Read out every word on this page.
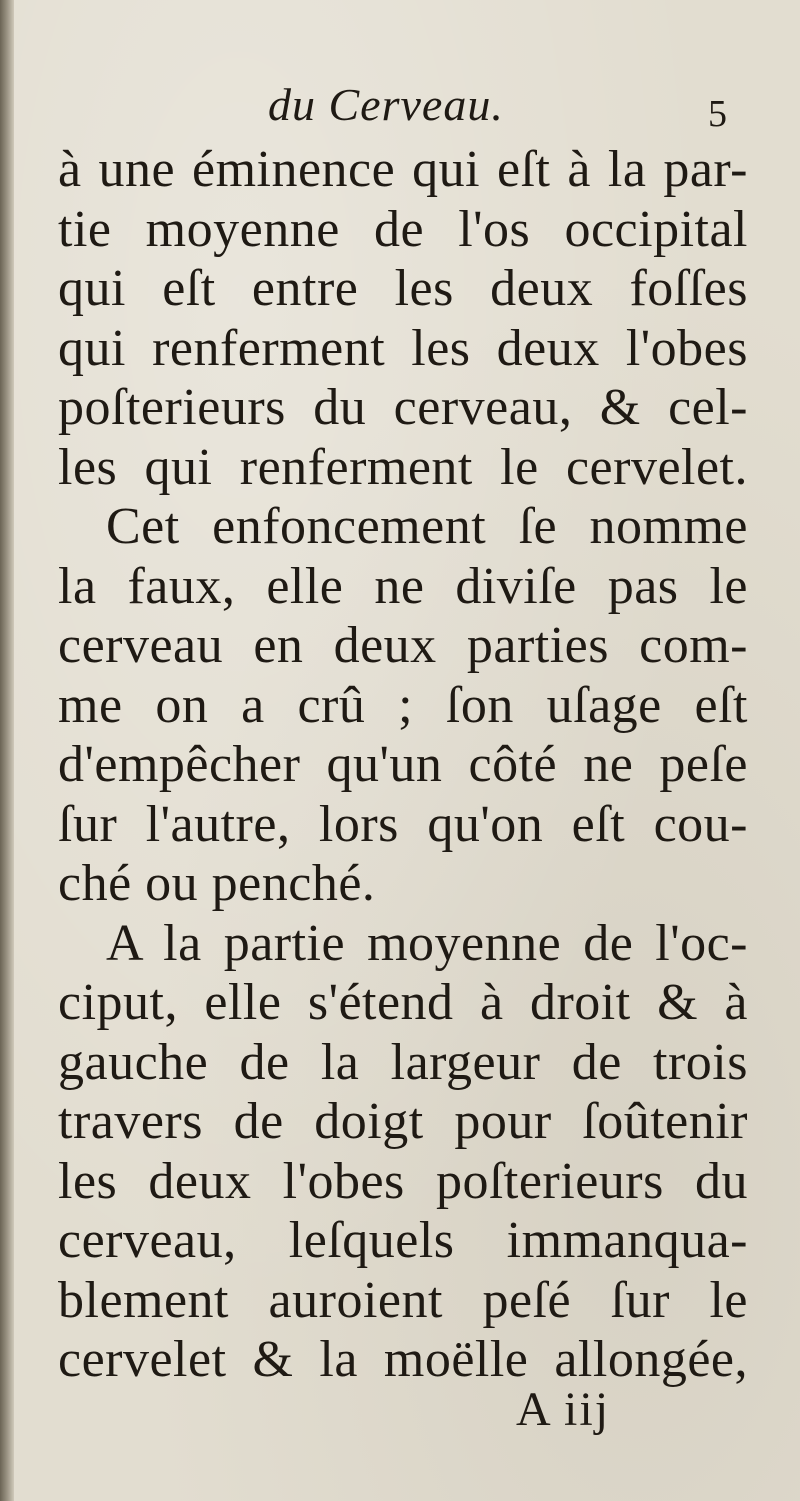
du Cerveau.	5
à une éminence qui eſt à la par-
tie moyenne de l'os occipital
qui eſt entre les deux foſſes
qui renferment les deux l'obes
poſterieurs du cerveau, & cel-
les qui renferment le cervelet.
Cet enfoncement ſe nomme
la faux, elle ne diviſe pas le
cerveau en deux parties com-
me on a crû ; ſon uſage eſt
d'empêcher qu'un côté ne peſe
ſur l'autre, lors qu'on eſt cou-
ché ou penché.
A la partie moyenne de l'oc-
ciput, elle s'étend à droit & à
gauche de la largeur de trois
travers de doigt pour ſoûtenir
les deux l'obes poſterieurs du
cerveau, leſquels immanqua-
blement auroient peſé ſur le
cervelet & la moëlle allongée,
A iij
